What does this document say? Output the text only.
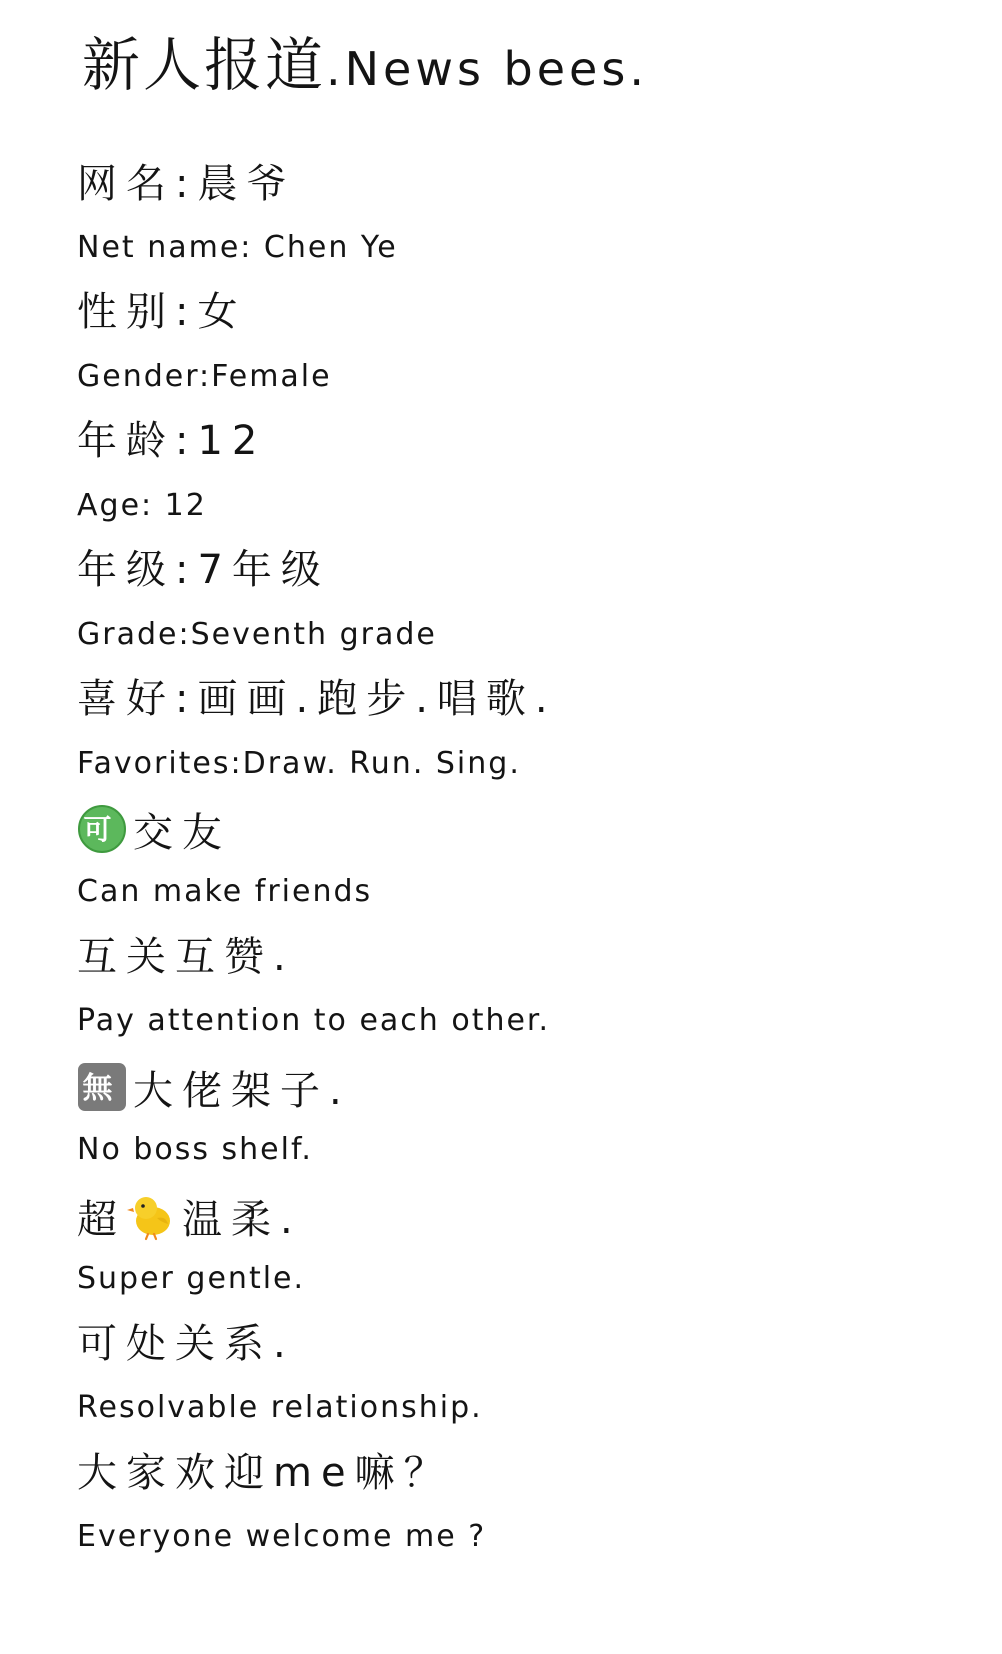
新人报道.News bees.
网名:晨爷
Net name: Chen Ye
性别:女
Gender:Female
年龄:12
Age: 12
年级:7年级
Grade:Seventh grade
喜好:画画.跑步.唱歌.
Favorites:Draw. Run. Sing.
可 交友
Can make friends
互关互赞.
Pay attention to each other.
無 大佬架子.
No boss shelf.
超 温柔.
Super gentle.
可处关系.
Resolvable relationship.
大家欢迎me嘛？
Everyone welcome me ?
